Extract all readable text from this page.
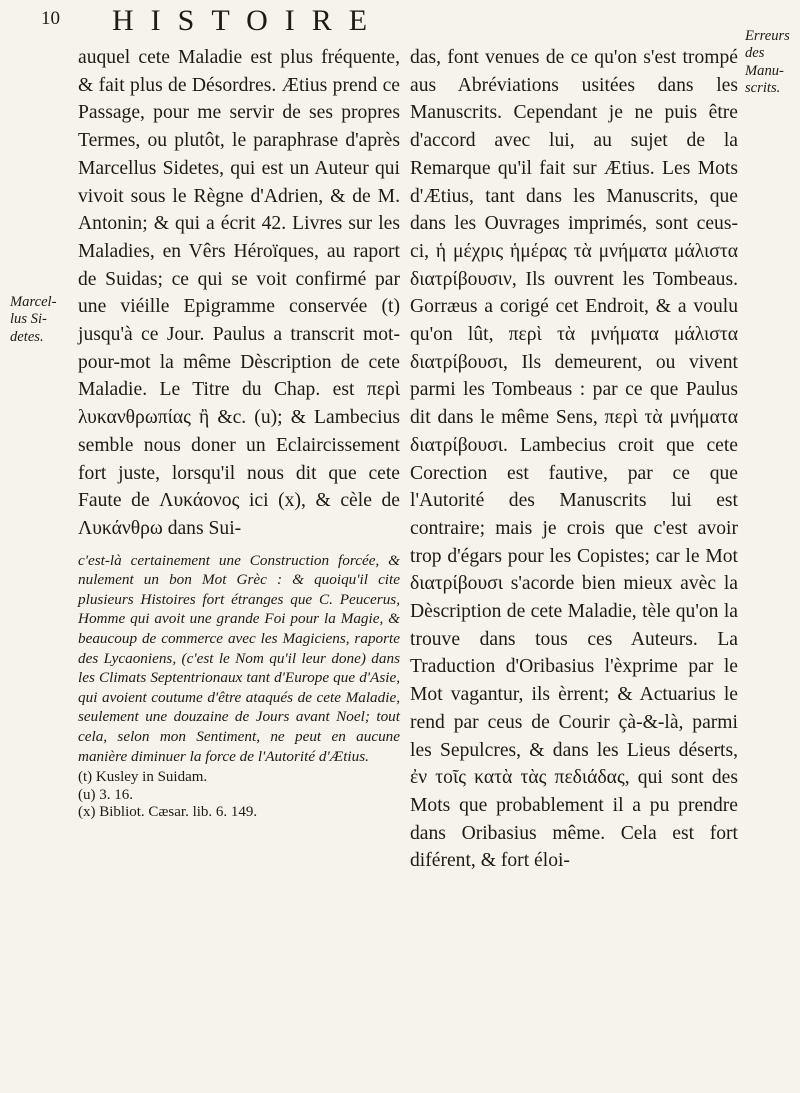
10 HISTOIRE
Marcel- lus Si- detes.
Erreurs des Manu- scrits.

auquel cete Maladie est plus fréquente, & fait plus de Désordres. Ætius prend ce Passage, pour me servir de ses propres Termes, ou plutôt, le paraphrase d'après Marcellus Sidetes, qui est un Auteur qui vivoit sous le Règne d'Adrien, & de M. Antonin; & qui a écrit 42. Livres sur les Maladies, en Vêrs Héroïques, au raport de Suidas; ce qui se voit confirmé par une viéille Epigramme conservée (t) jusqu'à ce Jour. Paulus a transcrit mot-pour-mot la même Dèscription de cete Maladie. Le Titre du Chap. est περὶ λυκανθρωπίας ἢ &c. (u); & Lambecius semble nous doner un Eclaircissement fort juste, lorsqu'il nous dit que cete Faute de Λυκάονος ici (x), & cèle de Λυκάνθρω dans Sui-

c'est-là certainement une Construction forcée, & nulement un bon Mot Grèc : & quoiqu'il cite plusieurs Histoires fort étranges que C. Peucerus, Homme qui avoit une grande Foi pour la Magie, & beaucoup de commerce avec les Magiciens, raporte des Lycaoniens, (c'est le Nom qu'il leur done) dans les Climats Septentrionaux tant d'Europe que d'Asie, qui avoient coutume d'être ataqués de cete Maladie, seulement une douzaine de Jours avant Noel; tout cela, selon mon Sentiment, ne peut en aucune manière diminuer la force de l'Autorité d'Ætius.

(t) Kusley in Suidam.
(u) 3. 16.
(x) Bibliot. Cæsar. lib. 6. 149.

das, font venues de ce qu'on s'est trompé aus Abréviations usitées dans les Manuscrits. Cependant je ne puis être d'accord avec lui, au sujet de la Remarque qu'il fait sur Ætius. Les Mots d'Ætius, tant dans les Manuscrits, que dans les Ouvrages imprimés, sont ceus-ci, ἡ μέχρις ἡμέρας τὰ μνήματα μάλιστα διατρίβουσιν, Ils ouvrent les Tombeaus. Gorræus a corigé cet Endroit, & a voulu qu'on lût, περὶ τὰ μνήματα μάλιστα διατρίβουσι, Ils demeurent, ou vivent parmi les Tombeaus : par ce que Paulus dit dans le même Sens, περὶ τὰ μνήματα διατρίβουσι. Lambecius croit que cete Corection est fautive, par ce que l'Autorité des Manuscrits lui est contraire; mais je crois que c'est avoir trop d'égars pour les Copistes; car le Mot διατρίβουσι s'acorde bien mieux avèc la Dèscription de cete Maladie, tèle qu'on la trouve dans tous ces Auteurs. La Traduction d'Oribasius l'èxprime par le Mot vagantur, ils èrrent; & Actuarius le rend par ceus de Courir çà-&-là, parmi les Sepulcres, & dans les Lieus déserts, ἐν τοῖς κατὰ τὰς πεδιάδας, qui sont des Mots que probablement il a pu prendre dans Oribasius même. Cela est fort diférent, & fort éloi-
